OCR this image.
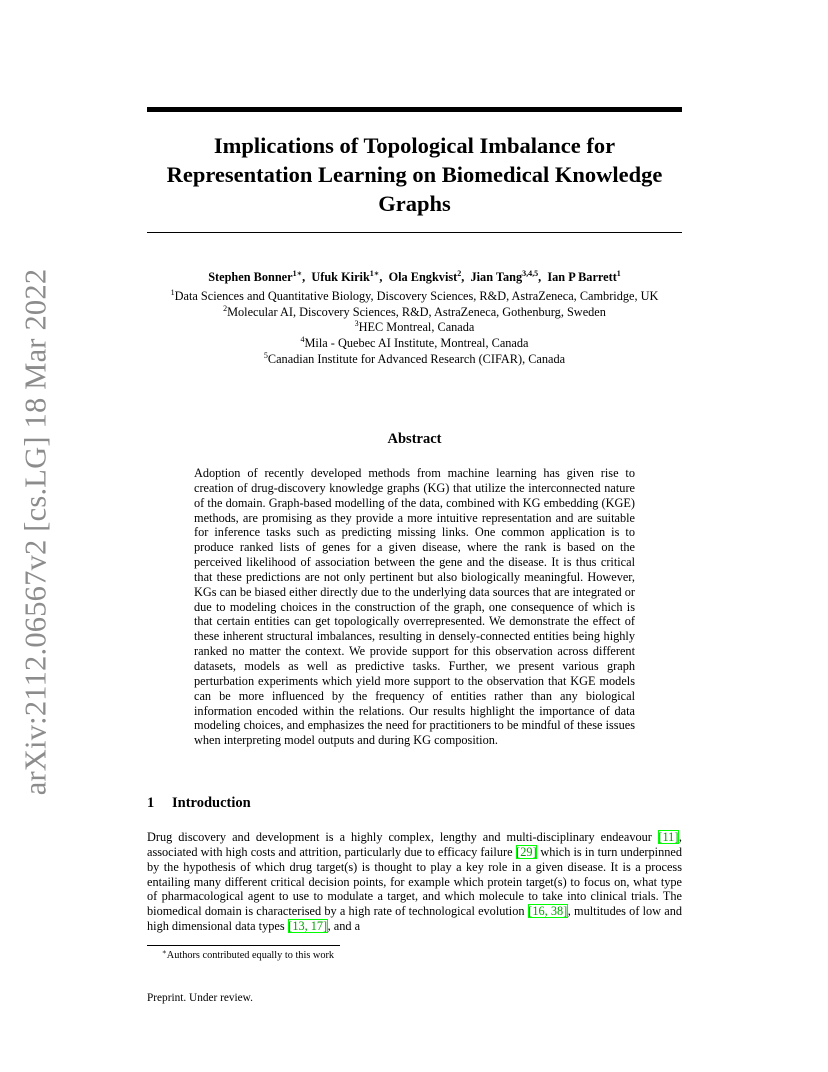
arXiv:2112.06567v2 [cs.LG] 18 Mar 2022
Implications of Topological Imbalance for
Representation Learning on Biomedical Knowledge
Graphs
Stephen Bonner$^{1∗}$,  Ufuk Kirik$^{1∗}$,  Ola Engkvist$^2$,  Jian Tang$^{3,4,5}$,  Ian P Barrett$^1$
$^1$Data Sciences and Quantitative Biology, Discovery Sciences, R&D, AstraZeneca, Cambridge, UK
$^2$Molecular AI, Discovery Sciences, R&D, AstraZeneca, Gothenburg, Sweden
$^3$HEC Montreal, Canada
$^4$Mila - Quebec AI Institute, Montreal, Canada
$^5$Canadian Institute for Advanced Research (CIFAR), Canada
Abstract

Adoption of recently developed methods from machine learning has given rise to creation of drug-discovery knowledge graphs (KG) that utilize the interconnected nature of the domain. Graph-based modelling of the data, combined with KG embedding (KGE) methods, are promising as they provide a more intuitive representation and are suitable for inference tasks such as predicting missing links. One common application is to produce ranked lists of genes for a given disease, where the rank is based on the perceived likelihood of association between the gene and the disease. It is thus critical that these predictions are not only pertinent but also biologically meaningful. However, KGs can be biased either directly due to the underlying data sources that are integrated or due to modeling choices in the construction of the graph, one consequence of which is that certain entities can get topologically overrepresented. We demonstrate the effect of these inherent structural imbalances, resulting in densely-connected entities being highly ranked no matter the context. We provide support for this observation across different datasets, models as well as predictive tasks. Further, we present various graph perturbation experiments which yield more support to the observation that KGE models can be more influenced by the frequency of entities rather than any biological information encoded within the relations. Our results highlight the importance of data modeling choices, and emphasizes the need for practitioners to be mindful of these issues when interpreting model outputs and during KG composition.

1 Introduction

Drug discovery and development is a highly complex, lengthy and multi-disciplinary endeavour [11], associated with high costs and attrition, particularly due to efficacy failure [29] which is in turn underpinned by the hypothesis of which drug target(s) is thought to play a key role in a given disease. It is a process entailing many different critical decision points, for example which protein target(s) to focus on, what type of pharmacological agent to use to modulate a target, and which molecule to take into clinical trials. The biomedical domain is characterised by a high rate of technological evolution [16, 38], multitudes of low and high dimensional data types [13, 17], and a

∗Authors contributed equally to this work
Preprint. Under review.
